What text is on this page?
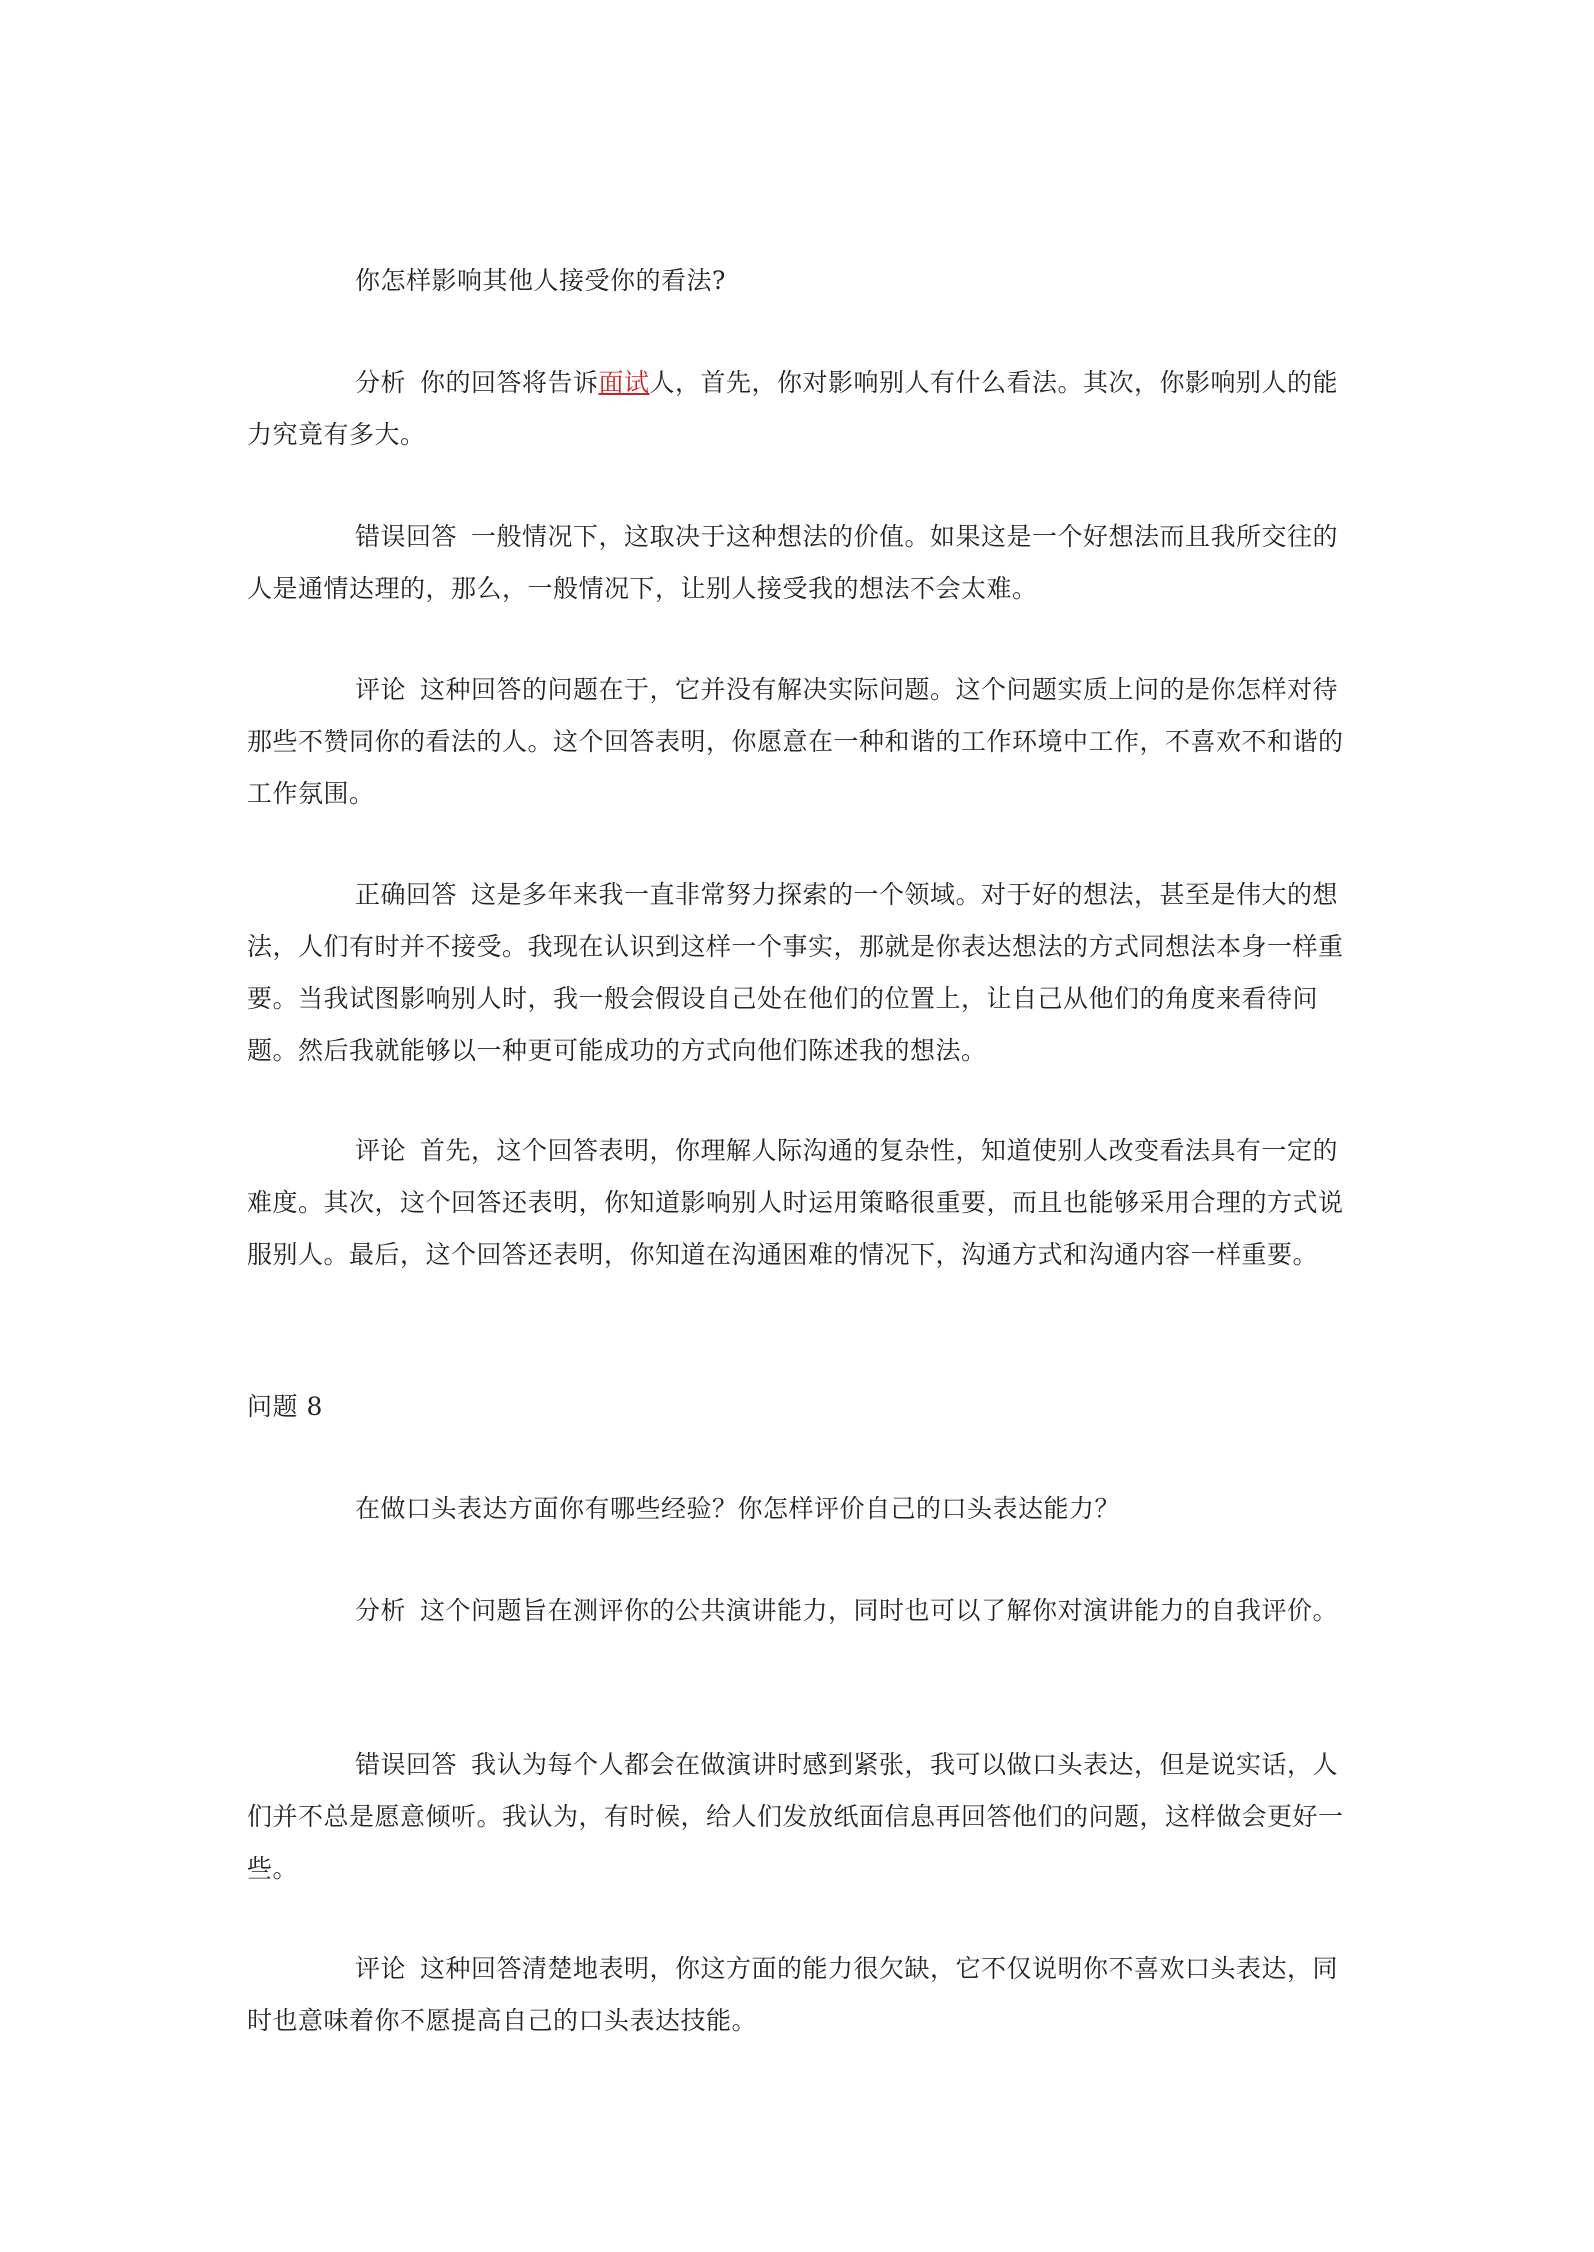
你怎样影响其他人接受你的看法?

分析 你的回答将告诉面试人，首先，你对影响别人有什么看法。其次，你影响别人的能力究竟有多大。

错误回答 一般情况下，这取决于这种想法的价值。如果这是一个好想法而且我所交往的人是通情达理的，那么，一般情况下，让别人接受我的想法不会太难。

评论 这种回答的问题在于，它并没有解决实际问题。这个问题实质上问的是你怎样对待那些不赞同你的看法的人。这个回答表明，你愿意在一种和谐的工作环境中工作，不喜欢不和谐的工作氛围。

正确回答 这是多年来我一直非常努力探索的一个领域。对于好的想法，甚至是伟大的想法，人们有时并不接受。我现在认识到这样一个事实，那就是你表达想法的方式同想法本身一样重要。当我试图影响别人时，我一般会假设自己处在他们的位置上，让自己从他们的角度来看待问题。然后我就能够以一种更可能成功的方式向他们陈述我的想法。

评论 首先，这个回答表明，你理解人际沟通的复杂性，知道使别人改变看法具有一定的难度。其次，这个回答还表明，你知道影响别人时运用策略很重要，而且也能够采用合理的方式说服别人。最后，这个回答还表明，你知道在沟通困难的情况下，沟通方式和沟通内容一样重要。

问题 8

在做口头表达方面你有哪些经验？你怎样评价自己的口头表达能力？

分析 这个问题旨在测评你的公共演讲能力，同时也可以了解你对演讲能力的自我评价。

错误回答 我认为每个人都会在做演讲时感到紧张，我可以做口头表达，但是说实话，人们并不总是愿意倾听。我认为，有时候，给人们发放纸面信息再回答他们的问题，这样做会更好一些。

评论 这种回答清楚地表明，你这方面的能力很欠缺，它不仅说明你不喜欢口头表达，同时也意味着你不愿提高自己的口头表达技能。
